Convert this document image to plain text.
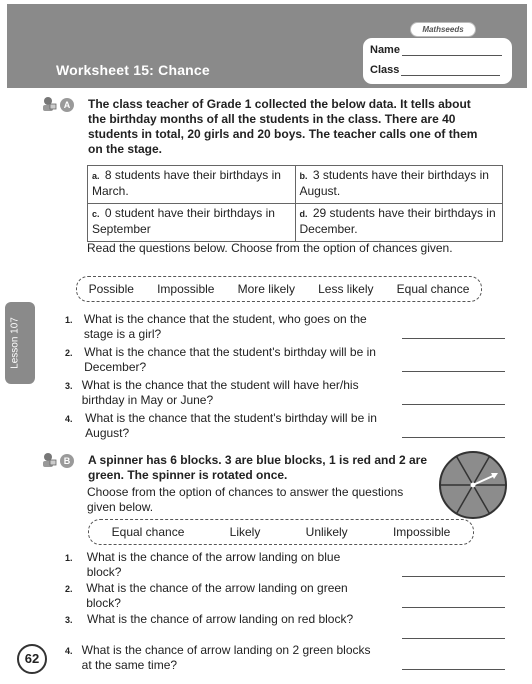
Mathseeds
Worksheet 15: Chance
Name
Class
Lesson 107
A	The class teacher of Grade 1 collected the below data. It tells about the birthday months of all the students in the class. There are 40 students in total, 20 girls and 20 boys. The teacher calls one of them on the stage.
a. 8 students have their birthdays in March.	b. 3 students have their birthdays in August.
c. 0 student have their birthdays in September	d. 29 students have their birthdays in December.
Read the questions below. Choose from the option of chances given.
Possible Impossible More likely Less likely Equal chance
1. What is the chance that the student, who goes on the stage is a girl?
2. What is the chance that the student's birthday will be in December?
3. What is the chance that the student will have her/his birthday in May or June?
4.	What is the chance that the student's birthday will be in August?
B	A spinner has 6 blocks. 3 are blue blocks, 1 is red and 2 are green. The spinner is rotated once.
Choose from the option of chances to answer the questions given below.
Equal chance	Likely	Unlikely	Impossible
1.	What is the chance of the arrow landing on blue block?
2.	What is the chance of the arrow landing on green block?
3.	What is the chance of arrow landing on red block?
4. What is the chance of arrow landing on 2 green blocks at the same time?
62
